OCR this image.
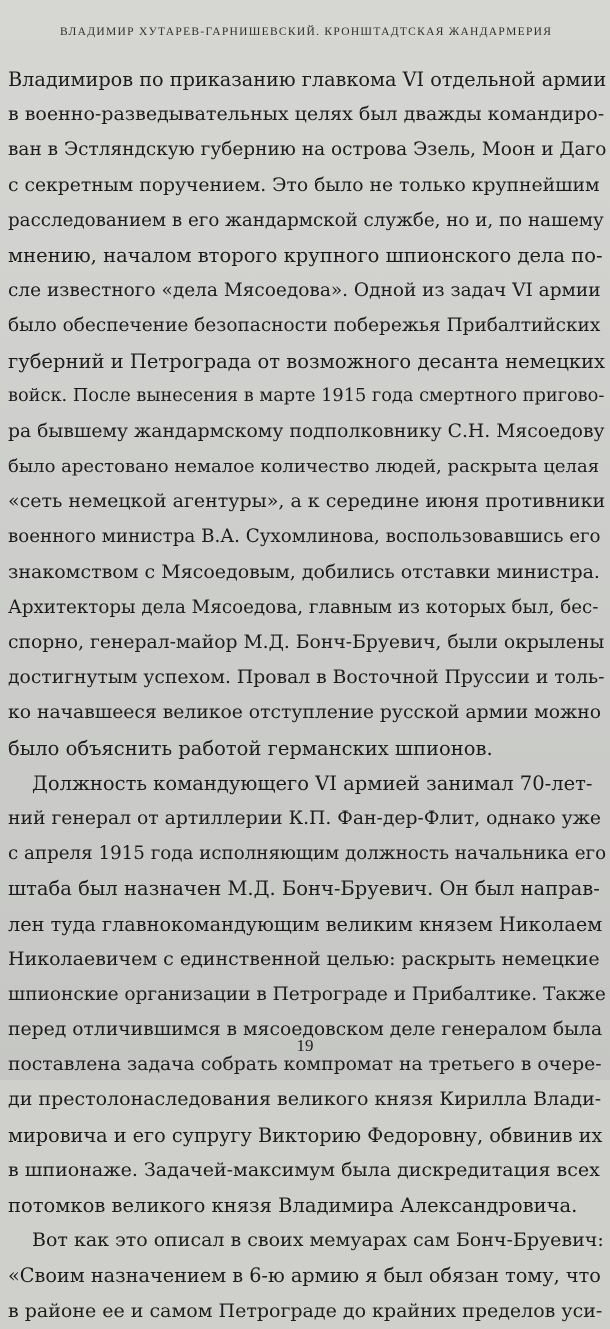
ВЛАДИМИР ХУТАРЕВ-ГАРНИШЕВСКИЙ. КРОНШТАДТСКАЯ ЖАНДАРМЕРИЯ
Владимиров по приказанию главкома VI отдельной армии
в военно-разведывательных целях был дважды командиро-
ван в Эстляндскую губернию на острова Эзель, Моон и Даго
с секретным поручением. Это было не только крупнейшим
расследованием в его жандармской службе, но и, по нашему
мнению, началом второго крупного шпионского дела по-
сле известного «дела Мясоедова». Одной из задач VI армии
было обеспечение безопасности побережья Прибалтийских
губерний и Петрограда от возможного десанта немецких
войск. После вынесения в марте 1915 года смертного пригово-
ра бывшему жандармскому подполковнику С.Н. Мясоедову
было арестовано немалое количество людей, раскрыта целая
«сеть немецкой агентуры», а к середине июня противники
военного министра В.А. Сухомлинова, воспользовавшись его
знакомством с Мясоедовым, добились отставки министра.
Архитекторы дела Мясоедова, главным из которых был, бес-
спорно, генерал-майор М.Д. Бонч-Бруевич, были окрылены
достигнутым успехом. Провал в Восточной Пруссии и толь-
ко начавшееся великое отступление русской армии можно
было объяснить работой германских шпионов.
Должность командующего VI армией занимал 70-лет-
ний генерал от артиллерии К.П. Фан-дер-Флит, однако уже
с апреля 1915 года исполняющим должность начальника его
штаба был назначен М.Д. Бонч-Бруевич. Он был направ-
лен туда главнокомандующим великим князем Николаем
Николаевичем с единственной целью: раскрыть немецкие
шпионские организации в Петрограде и Прибалтике. Также
перед отличившимся в мясоедовском деле генералом была
поставлена задача собрать компромат на третьего в очере-
ди престолонаследования великого князя Кирилла Влади-
мировича и его супругу Викторию Федоровну, обвинив их
в шпионаже. Задачей-максимум была дискредитация всех
потомков великого князя Владимира Александровича.
Вот как это описал в своих мемуарах сам Бонч-Бруевич:
«Своим назначением в 6-ю армию я был обязан тому, что
в районе ее и самом Петрограде до крайних пределов уси-
19
